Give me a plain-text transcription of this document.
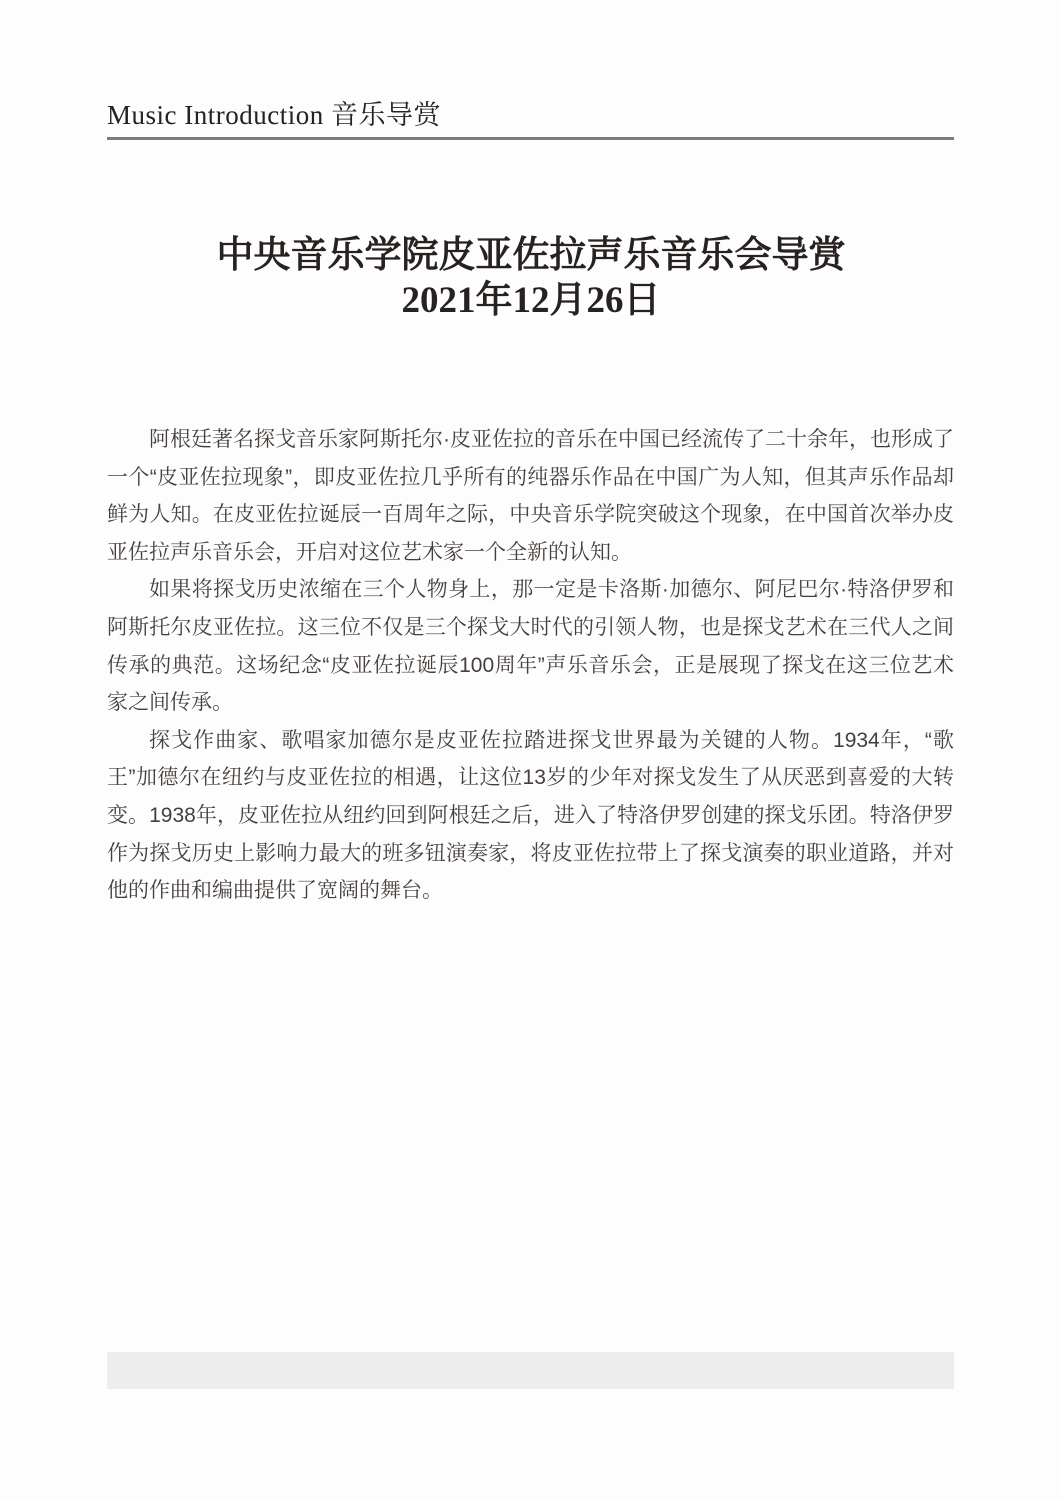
Music Introduction 音乐导赏
中央音乐学院皮亚佐拉声乐音乐会导赏
2021年12月26日

阿根廷著名探戈音乐家阿斯托尔·皮亚佐拉的音乐在中国已经流传了二十余年，也形成了一个“皮亚佐拉现象”，即皮亚佐拉几乎所有的纯器乐作品在中国广为人知，但其声乐作品却鲜为人知。在皮亚佐拉诞辰一百周年之际，中央音乐学院突破这个现象，在中国首次举办皮亚佐拉声乐音乐会，开启对这位艺术家一个全新的认知。

如果将探戈历史浓缩在三个人物身上，那一定是卡洛斯·加德尔、阿尼巴尔·特洛伊罗和阿斯托尔皮亚佐拉。这三位不仅是三个探戈大时代的引领人物，也是探戈艺术在三代人之间传承的典范。这场纪念“皮亚佐拉诞辰100周年”声乐音乐会，正是展现了探戈在这三位艺术家之间传承。

探戈作曲家、歌唱家加德尔是皮亚佐拉踏进探戈世界最为关键的人物。1934年，“歌王”加德尔在纽约与皮亚佐拉的相遇，让这位13岁的少年对探戈发生了从厌恶到喜爱的大转变。1938年，皮亚佐拉从纽约回到阿根廷之后，进入了特洛伊罗创建的探戈乐团。特洛伊罗作为探戈历史上影响力最大的班多钮演奏家，将皮亚佐拉带上了探戈演奏的职业道路，并对他的作曲和编曲提供了宽阔的舞台。
